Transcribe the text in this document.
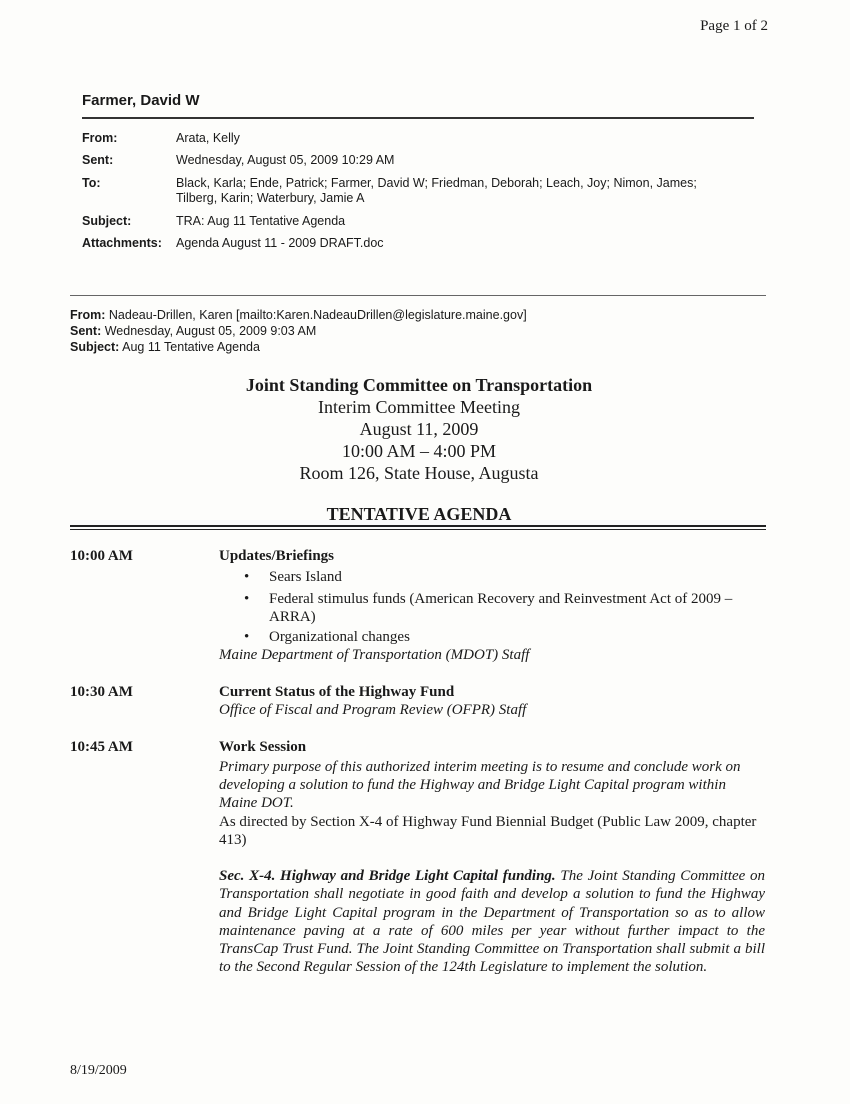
Page 1 of 2
Farmer, David W
From:	Arata, Kelly
Sent:	Wednesday, August 05, 2009 10:29 AM
To:	Black, Karla; Ende, Patrick; Farmer, David W; Friedman, Deborah; Leach, Joy; Nimon, James;
Tilberg, Karin; Waterbury, Jamie A
Subject:	TRA: Aug 11 Tentative Agenda
Attachments:	Agenda August 11 - 2009 DRAFT.doc
From: Nadeau-Drillen, Karen [mailto:Karen.NadeauDrillen@legislature.maine.gov]
Sent: Wednesday, August 05, 2009 9:03 AM
Subject: Aug 11 Tentative Agenda
Joint Standing Committee on Transportation
Interim Committee Meeting
August 11, 2009
10:00 AM – 4:00 PM
Room 126, State House, Augusta
TENTATIVE AGENDA
10:00 AM	Updates/Briefings
• Sears Island
• Federal stimulus funds (American Recovery and Reinvestment Act of 2009 – ARRA)
• Organizational changes
Maine Department of Transportation (MDOT) Staff
10:30 AM	Current Status of the Highway Fund
Office of Fiscal and Program Review (OFPR) Staff
10:45 AM	Work Session
Primary purpose of this authorized interim meeting is to resume and conclude work on developing a solution to fund the Highway and Bridge Light Capital program within Maine DOT.
As directed by Section X-4 of Highway Fund Biennial Budget (Public Law 2009, chapter 413)
Sec. X-4. Highway and Bridge Light Capital funding. The Joint Standing Committee on Transportation shall negotiate in good faith and develop a solution to fund the Highway and Bridge Light Capital program in the Department of Transportation so as to allow maintenance paving at a rate of 600 miles per year without further impact to the TransCap Trust Fund. The Joint Standing Committee on Transportation shall submit a bill to the Second Regular Session of the 124th Legislature to implement the solution.
8/19/2009
